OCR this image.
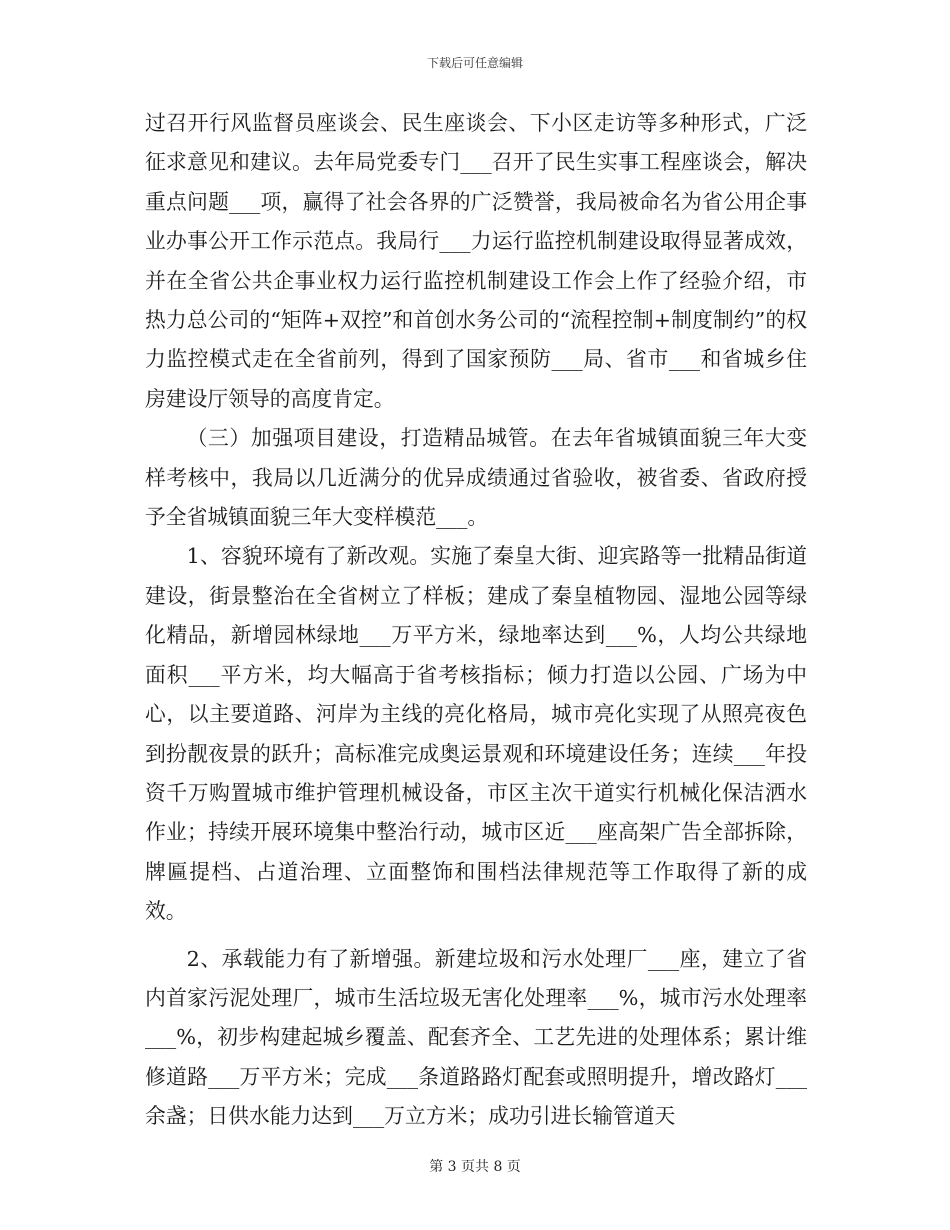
下载后可任意编辑

过召开行风监督员座谈会、民生座谈会、下小区走访等多种形式，广泛征求意见和建议。去年局党委专门___召开了民生实事工程座谈会，解决重点问题___项，赢得了社会各界的广泛赞誉，我局被命名为省公用企事业办事公开工作示范点。我局行___力运行监控机制建设取得显著成效，并在全省公共企事业权力运行监控机制建设工作会上作了经验介绍，市热力总公司的“矩阵+双控”和首创水务公司的“流程控制+制度制约”的权力监控模式走在全省前列，得到了国家预防___局、省市___和省城乡住房建设厅领导的高度肯定。

（三）加强项目建设，打造精品城管。在去年省城镇面貌三年大变样考核中，我局以几近满分的优异成绩通过省验收，被省委、省政府授予全省城镇面貌三年大变样模范___。

1、容貌环境有了新改观。实施了秦皇大街、迎宾路等一批精品街道建设，街景整治在全省树立了样板；建成了秦皇植物园、湿地公园等绿化精品，新增园林绿地___万平方米，绿地率达到___%，人均公共绿地面积___平方米，均大幅高于省考核指标；倾力打造以公园、广场为中心，以主要道路、河岸为主线的亮化格局，城市亮化实现了从照亮夜色到扮靓夜景的跃升；高标准完成奥运景观和环境建设任务；连续___年投资千万购置城市维护管理机械设备，市区主次干道实行机械化保洁洒水作业；持续开展环境集中整治行动，城市区近___座高架广告全部拆除，牌匾提档、占道治理、立面整饰和围档法律规范等工作取得了新的成效。

2、承载能力有了新增强。新建垃圾和污水处理厂___座，建立了省内首家污泥处理厂，城市生活垃圾无害化处理率___%，城市污水处理率___%，初步构建起城乡覆盖、配套齐全、工艺先进的处理体系；累计维修道路___万平方米；完成___条道路路灯配套或照明提升，增改路灯___余盏；日供水能力达到___万立方米；成功引进长输管道天

第 3 页共 8 页
